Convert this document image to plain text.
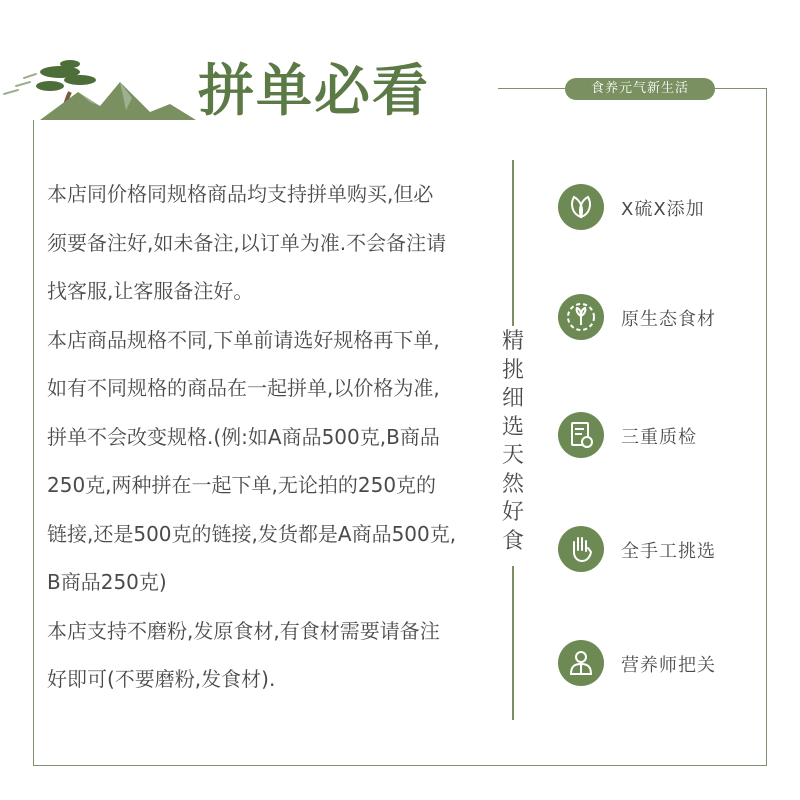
拼单必看	食养元气新生活

本店同价格同规格商品均支持拼单购买,但必

须要备注好,如未备注,以订单为准.不会备注请

找客服,让客服备注好。

本店商品规格不同,下单前请选好规格再下单,

如有不同规格的商品在一起拼单,以价格为准,

拼单不会改变规格.(例:如A商品500克,B商品

250克,两种拼在一起下单,无论拍的250克的

链接,还是500克的链接,发货都是A商品500克,

B商品250克)

本店支持不磨粉,发原食材,有食材需要请备注

好即可(不要磨粉,发食材).

精
挑
细
选
天
然
好
食
X硫X添加
原生态食材
三重质检
全手工挑选
营养师把关
